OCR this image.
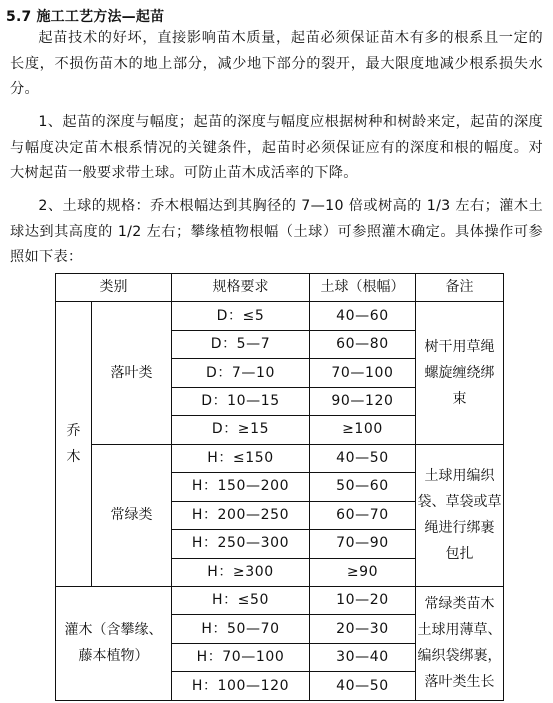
5.7 施工工艺方法—起苗

起苗技术的好坏，直接影响苗木质量，起苗必须保证苗木有多的根系且一定的长度，不损伤苗木的地上部分，减少地下部分的裂开，最大限度地减少根系损失水分。

1、起苗的深度与幅度；起苗的深度与幅度应根据树种和树龄来定，起苗的深度与幅度决定苗木根系情况的关键条件，起苗时必须保证应有的深度和根的幅度。对大树起苗一般要求带土球。可防止苗木成活率的下降。

2、土球的规格：乔木根幅达到其胸径的 7—10 倍或树高的 1/3 左右；灌木土球达到其高度的 1/2 左右；攀缘植物根幅（土球）可参照灌木确定。具体操作可参照如下表：

类别		规格要求	土球（根幅）	备注

乔
木	落叶类	D：≤5	40—60	树干用草绳
螺旋缠绕绑
束

		D：5—7	60—80	
		D：7—10	70—100	
		D：10—15	90—120	
		D：≥15	≥100	
	常绿类	H：≤150	40—50	土球用编织
袋、草袋或草
绳进行绑裹
包扎

		H：150—200	50—60	
		H：200—250	60—70	
		H：250—300	70—90	
		H：≥300	≥90	

灌木（含攀缘、
藤本植物）		H：≤50	10—20	常绿类苗木
土球用薄草、
编织袋绑裹，
落叶类生长

		H：50—70	20—30	
		H：70—100	30—40	
		H：100—120	40—50	
